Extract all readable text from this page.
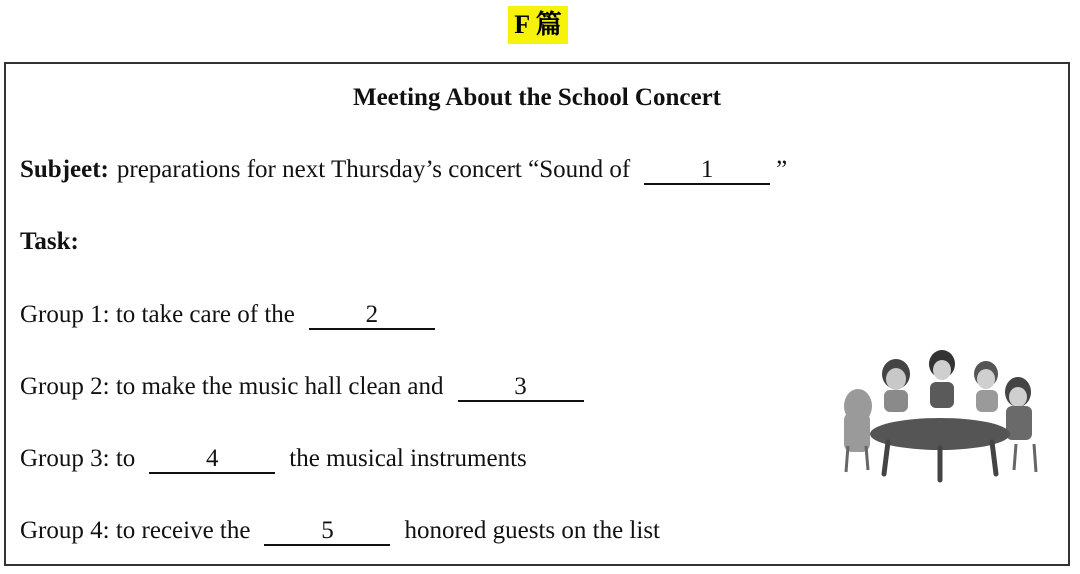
F 篇
Meeting About the School Concert
Subjeet: preparations for next Thursday’s concert “Sound of	1	”
Task:
Group 1: to take care of the	2
Group 2: to make the music hall clean and	3
Group 3: to	4	the musical instruments
Group 4: to receive the	5	honored guests on the list
